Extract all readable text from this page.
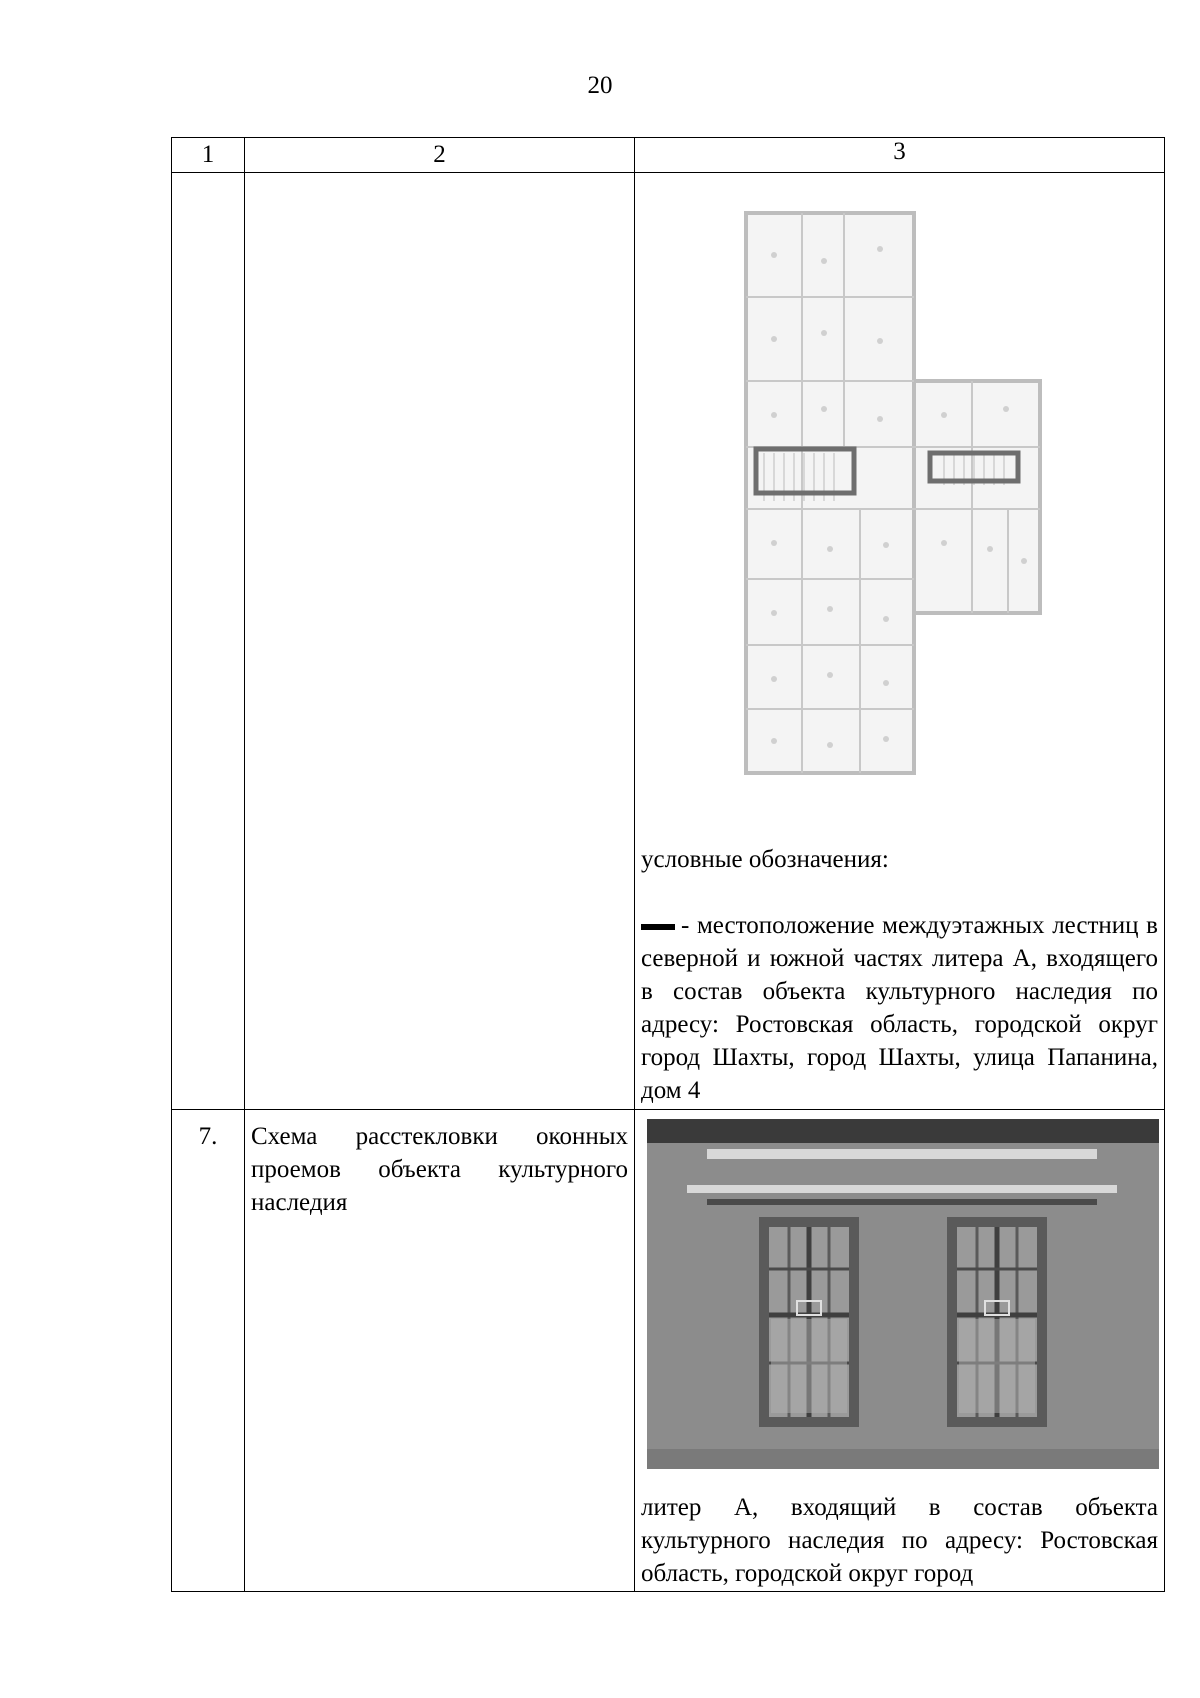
20
1	2	3

		условные обозначения:
- местоположение междуэтажных лестниц в северной и южной частях литера А, входящего в состав объекта культурного наследия по адресу: Ростовская область, городской округ город Шахты, город Шахты, улица Папанина, дом 4

7.	Схема расстекловки оконных проемов объекта культурного наследия	литер А, входящий в состав объекта культурного наследия по адресу: Ростовская область, городской округ город
